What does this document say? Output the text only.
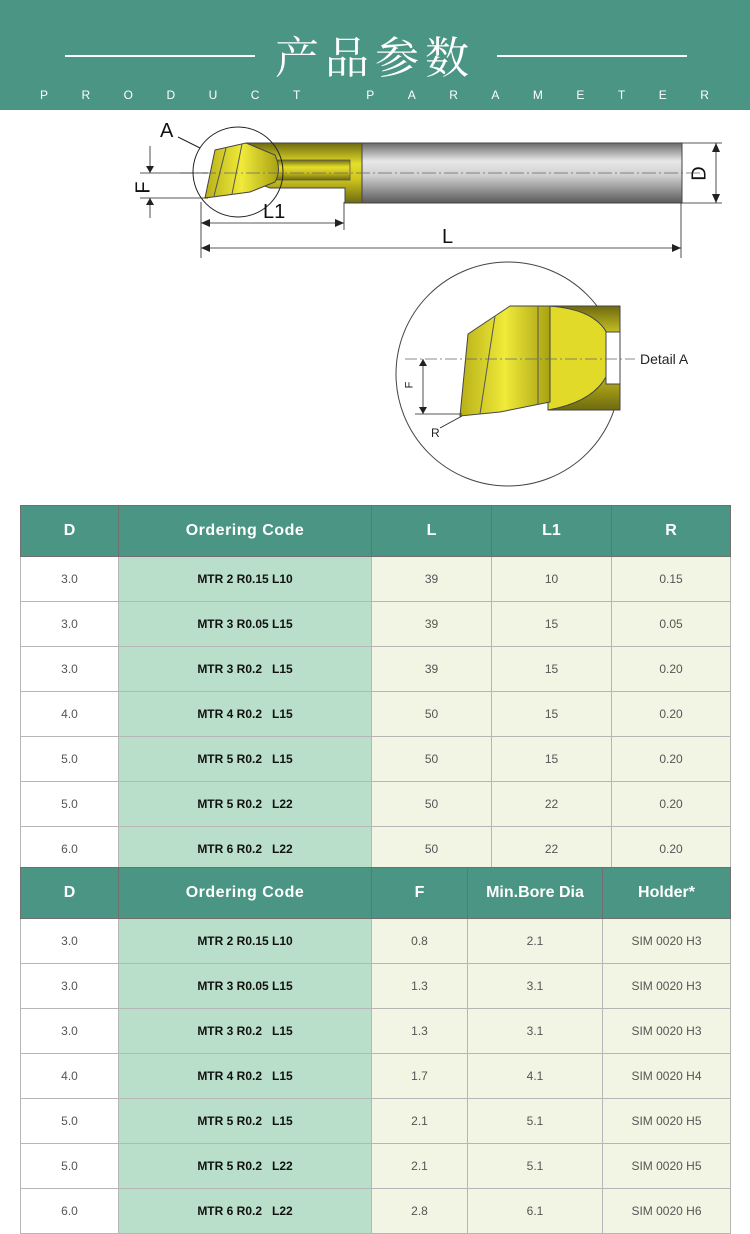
产品参数
P	R	O	D	U	C	T	P	A	R	A	M	E	T	E	R
A
F
L1
L
D
Detail A
F
R
D	Ordering Code	L	L1	R
3.0	MTR 2 R0.15 L10	39	10	0.15
3.0	MTR 3 R0.05 L15	39	15	0.05
3.0	MTR 3 R0.2   L15	39	15	0.20
4.0	MTR 4 R0.2   L15	50	15	0.20
5.0	MTR 5 R0.2   L15	50	15	0.20
5.0	MTR 5 R0.2   L22	50	22	0.20
6.0	MTR 6 R0.2   L22	50	22	0.20
D	Ordering Code	F	Min.Bore Dia	Holder*
3.0	MTR 2 R0.15 L10	0.8	2.1	SIM 0020 H3
3.0	MTR 3 R0.05 L15	1.3	3.1	SIM 0020 H3
3.0	MTR 3 R0.2   L15	1.3	3.1	SIM 0020 H3
4.0	MTR 4 R0.2   L15	1.7	4.1	SIM 0020 H4
5.0	MTR 5 R0.2   L15	2.1	5.1	SIM 0020 H5
5.0	MTR 5 R0.2   L22	2.1	5.1	SIM 0020 H5
6.0	MTR 6 R0.2   L22	2.8	6.1	SIM 0020 H6
